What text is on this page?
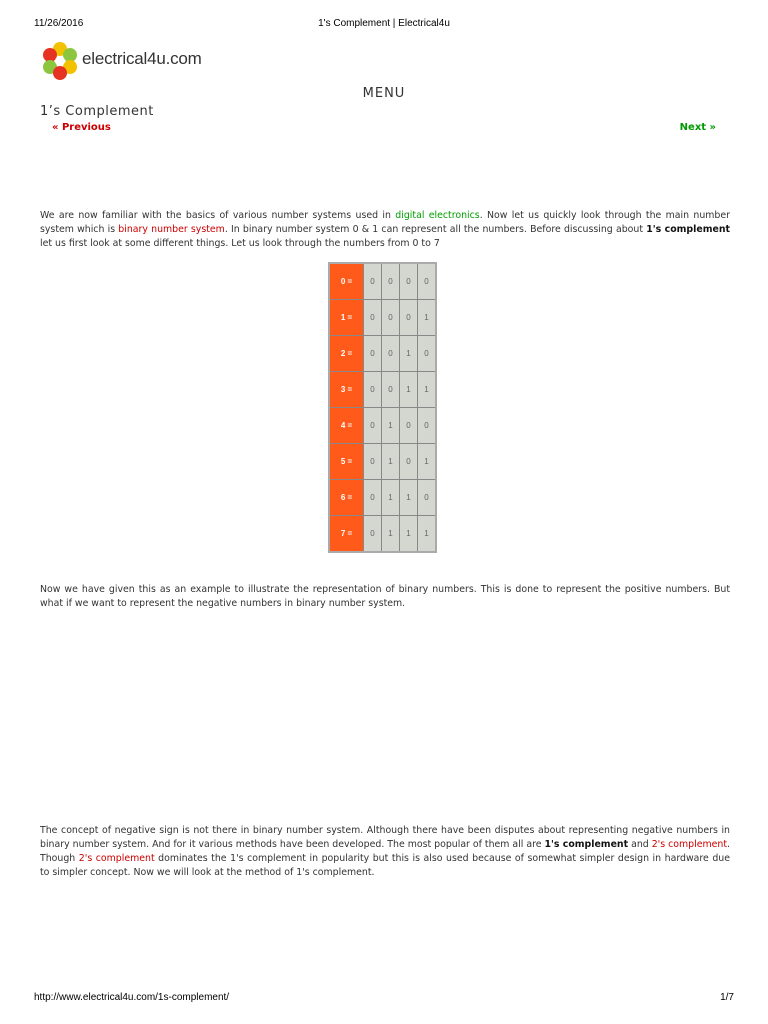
11/26/2016	1's Complement | Electrical4u
electrical4u.com
MENU
1’s Complement
« Previous	Next »
We are now familiar with the basics of various number systems used in digital electronics. Now let us quickly look through the main number system which is binary number system. In binary number system 0 & 1 can represent all the numbers. Before discussing about 1's complement let us first look at some different things. Let us look through the numbers from 0 to 7
0 =	0	0	0	0
1 =	0	0	0	1
2 =	0	0	1	0
3 =	0	0	1	1
4 =	0	1	0	0
5 =	0	1	0	1
6 =	0	1	1	0
7 =	0	1	1	1
Now we have given this as an example to illustrate the representation of binary numbers. This is done to represent the positive numbers. But what if we want to represent the negative numbers in binary number system.
The concept of negative sign is not there in binary number system. Although there have been disputes about representing negative numbers in binary number system. And for it various methods have been developed. The most popular of them all are 1's complement and 2's complement. Though 2's complement dominates the 1's complement in popularity but this is also used because of somewhat simpler design in hardware due to simpler concept. Now we will look at the method of 1's complement.
http://www.electrical4u.com/1s-complement/	1/7
